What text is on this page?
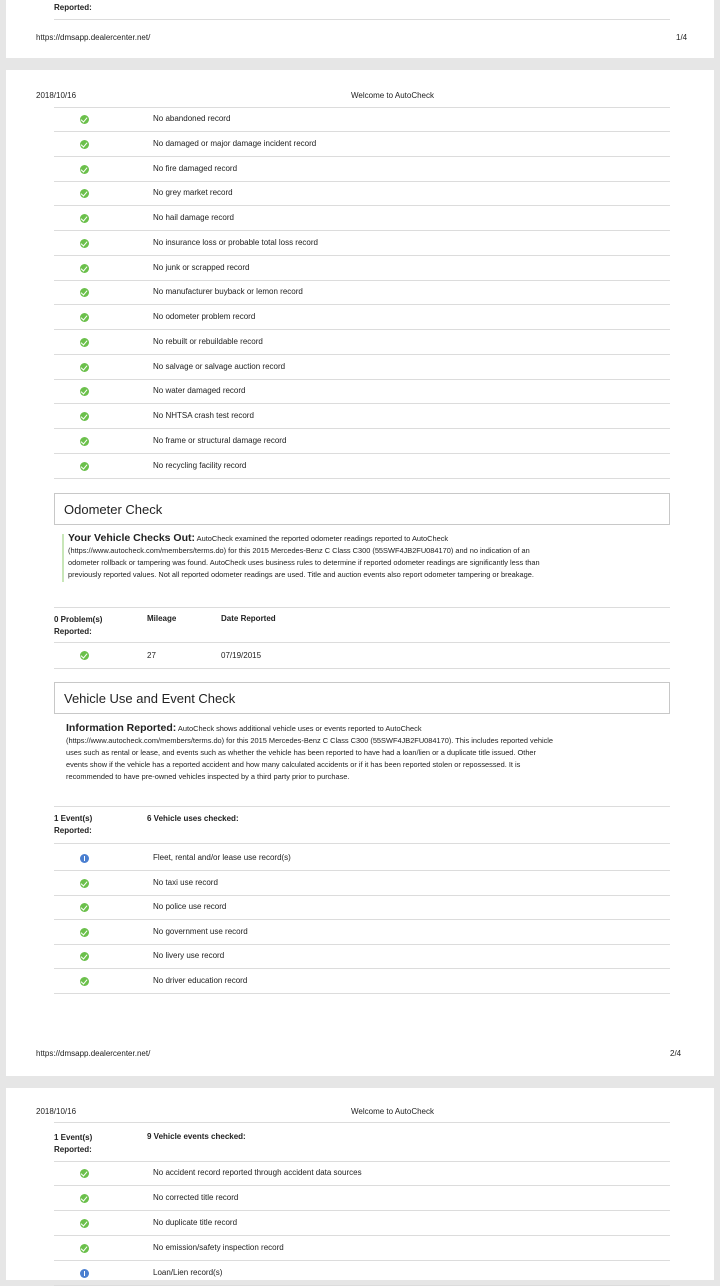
Reported:
https://dmsapp.dealercenter.net/	1/4
2018/10/16	Welcome to AutoCheck
No abandoned record
No damaged or major damage incident record
No fire damaged record
No grey market record
No hail damage record
No insurance loss or probable total loss record
No junk or scrapped record
No manufacturer buyback or lemon record
No odometer problem record
No rebuilt or rebuildable record
No salvage or salvage auction record
No water damaged record
No NHTSA crash test record
No frame or structural damage record
No recycling facility record
Odometer Check
Your Vehicle Checks Out: AutoCheck examined the reported odometer readings reported to AutoCheck
(https://www.autocheck.com/members/terms.do) for this 2015 Mercedes-Benz C Class C300 (55SWF4JB2FU084170) and no indication of an
odometer rollback or tampering was found. AutoCheck uses business rules to determine if reported odometer readings are significantly less than
previously reported values. Not all reported odometer readings are used. Title and auction events also report odometer tampering or breakage.
0 Problem(s)
Reported:
Mileage	Date Reported
27	07/19/2015
Vehicle Use and Event Check
Information Reported: AutoCheck shows additional vehicle uses or events reported to AutoCheck
(https://www.autocheck.com/members/terms.do) for this 2015 Mercedes-Benz C Class C300 (55SWF4JB2FU084170). This includes reported vehicle
uses such as rental or lease, and events such as whether the vehicle has been reported to have had a loan/lien or a duplicate title issued. Other
events show if the vehicle has a reported accident and how many calculated accidents or if it has been reported stolen or repossessed. It is
recommended to have pre-owned vehicles inspected by a third party prior to purchase.
1 Event(s)
Reported:
6 Vehicle uses checked:
Fleet, rental and/or lease use record(s)
No taxi use record
No police use record
No government use record
No livery use record
No driver education record
https://dmsapp.dealercenter.net/	2/4
2018/10/16	Welcome to AutoCheck
1 Event(s)
Reported:
9 Vehicle events checked:
No accident record reported through accident data sources
No corrected title record
No duplicate title record
No emission/safety inspection record
Loan/Lien record(s)
